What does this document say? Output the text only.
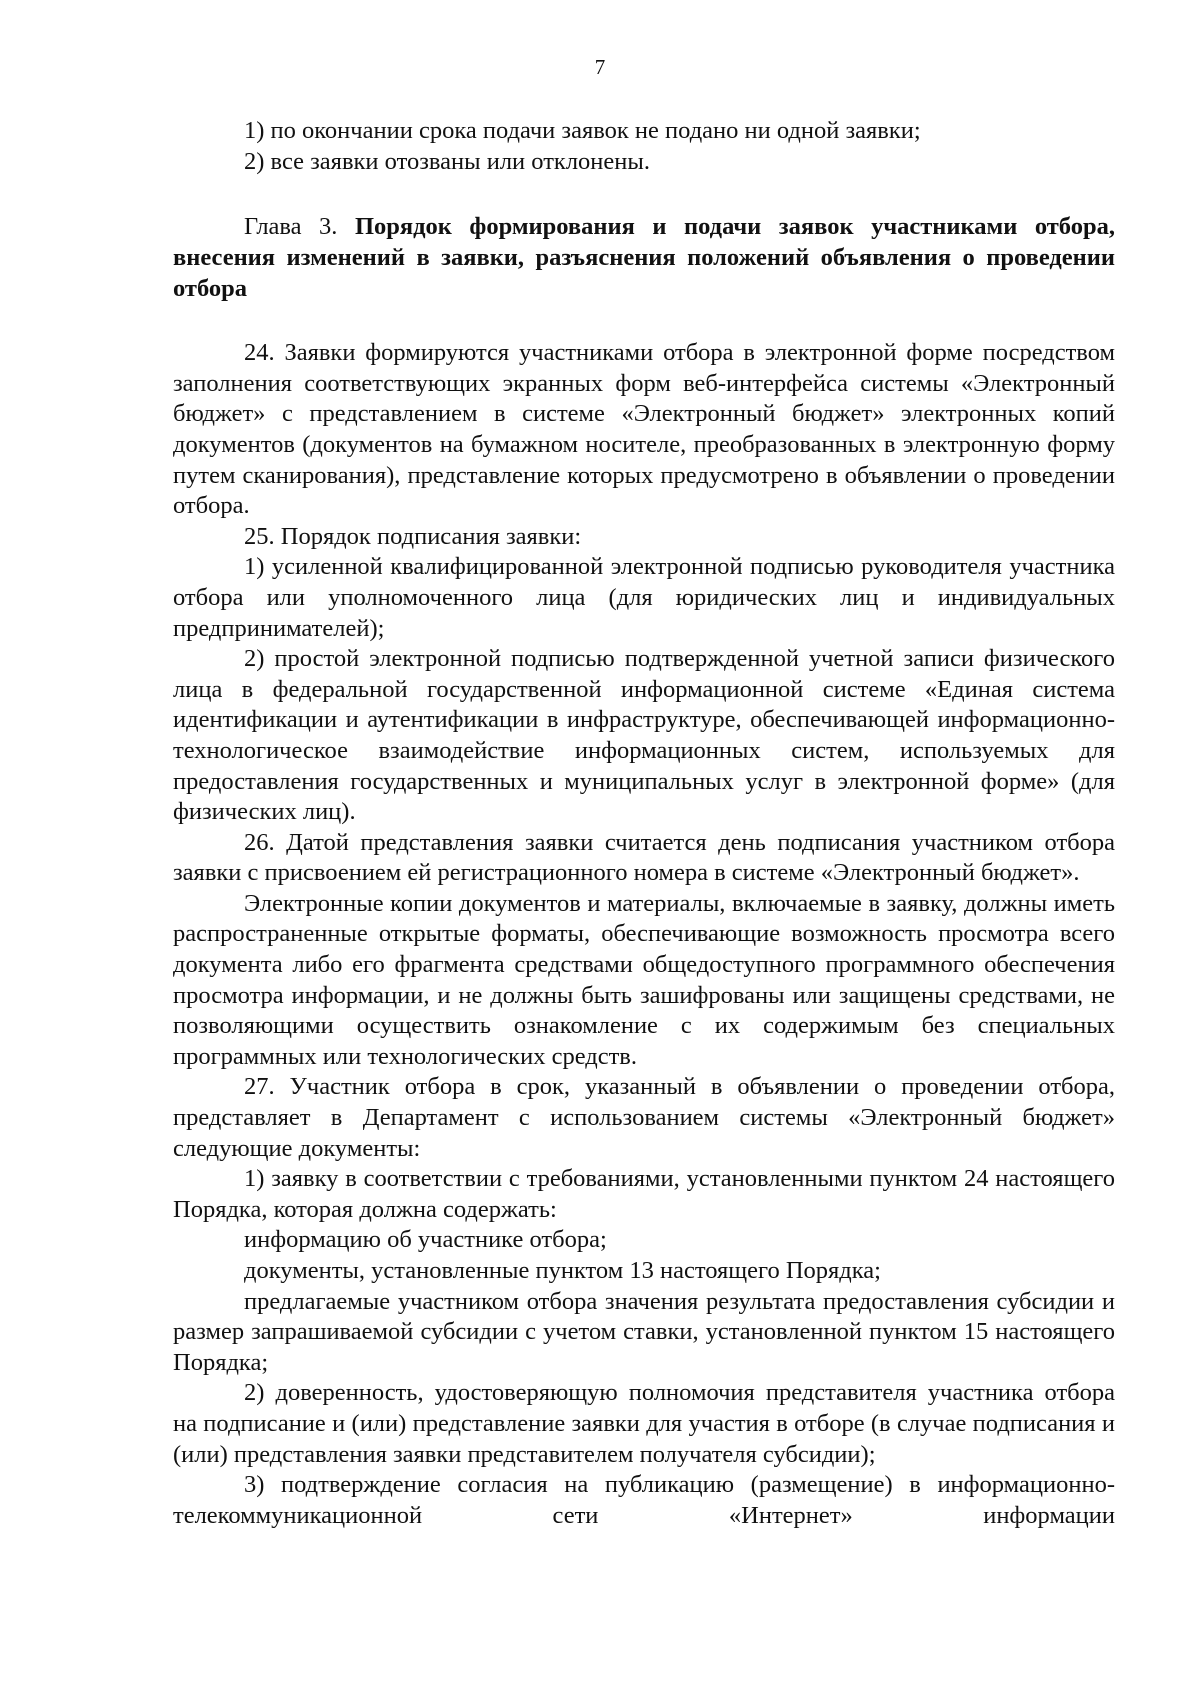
7

1) по окончании срока подачи заявок не подано ни одной заявки;

2) все заявки отозваны или отклонены.

Глава 3. Порядок формирования и подачи заявок участниками отбора, внесения изменений в заявки, разъяснения положений объявления о проведении отбора

24. Заявки формируются участниками отбора в электронной форме посредством заполнения соответствующих экранных форм веб-интерфейса системы «Электронный бюджет» с представлением в системе «Электронный бюджет» электронных копий документов (документов на бумажном носителе, преобразованных в электронную форму путем сканирования), представление которых предусмотрено в объявлении о проведении отбора.

25. Порядок подписания заявки:

1) усиленной квалифицированной электронной подписью руководителя участника отбора или уполномоченного лица (для юридических лиц и индивидуальных предпринимателей);

2) простой электронной подписью подтвержденной учетной записи физического лица в федеральной государственной информационной системе «Единая система идентификации и аутентификации в инфраструктуре, обеспечивающей информационно-технологическое взаимодействие информационных систем, используемых для предоставления государственных и муниципальных услуг в электронной форме» (для физических лиц).

26. Датой представления заявки считается день подписания участником отбора заявки с присвоением ей регистрационного номера в системе «Электронный бюджет».

Электронные копии документов и материалы, включаемые в заявку, должны иметь распространенные открытые форматы, обеспечивающие возможность просмотра всего документа либо его фрагмента средствами общедоступного программного обеспечения просмотра информации, и не должны быть зашифрованы или защищены средствами, не позволяющими осуществить ознакомление с их содержимым без специальных программных или технологических средств.

27. Участник отбора в срок, указанный в объявлении о проведении отбора, представляет в Департамент с использованием системы «Электронный бюджет» следующие документы:

1) заявку в соответствии с требованиями, установленными пунктом 24 настоящего Порядка, которая должна содержать:

информацию об участнике отбора;

документы, установленные пунктом 13 настоящего Порядка;

предлагаемые участником отбора значения результата предоставления субсидии и размер запрашиваемой субсидии с учетом ставки, установленной пунктом 15 настоящего Порядка;

2) доверенность, удостоверяющую полномочия представителя участника отбора на подписание и (или) представление заявки для участия в отборе (в случае подписания и (или) представления заявки представителем получателя субсидии);

3) подтверждение согласия на публикацию (размещение) в информационно-телекоммуникационной сети «Интернет» информации
